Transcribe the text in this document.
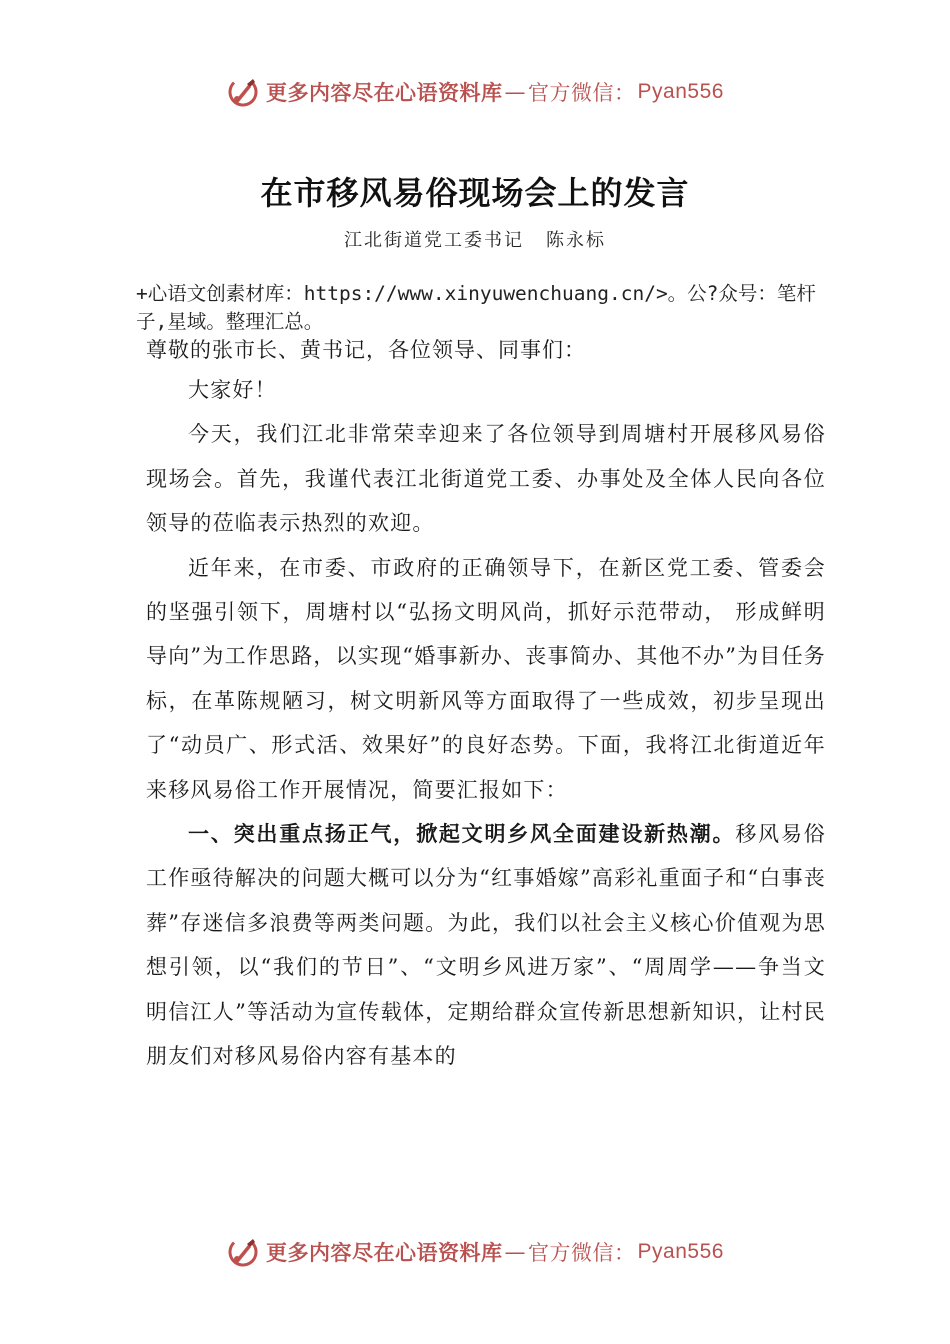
更多内容尽在心语资料库 — 官方微信： Pyan556
在市移风易俗现场会上的发言
江北街道党工委书记 陈永标
+心语文创素材库：https://www.xinyuwenchuang.cn/>。公?众号：笔杆子,星域。整理汇总。
尊敬的张市长、黄书记，各位领导、同事们：

大家好！

今天，我们江北非常荣幸迎来了各位领导到周塘村开展移风易俗现场会。首先，我谨代表江北街道党工委、办事处及全体人民向各位领导的莅临表示热烈的欢迎。

近年来，在市委、市政府的正确领导下，在新区党工委、管委会的坚强引领下，周塘村以“弘扬文明风尚，抓好示范带动， 形成鲜明导向”为工作思路，以实现“婚事新办、丧事简办、其他不办”为目任务标，在革陈规陋习，树文明新风等方面取得了一些成效，初步呈现出了“动员广、形式活、效果好”的良好态势。下面，我将江北街道近年来移风易俗工作开展情况，简要汇报如下：

一、突出重点扬正气，掀起文明乡风全面建设新热潮。移风易俗工作亟待解决的问题大概可以分为“红事婚嫁”高彩礼重面子和“白事丧葬”存迷信多浪费等两类问题。为此，我们以社会主义核心价值观为思想引领，以“我们的节日”、“文明乡风进万家”、“周周学——争当文明信江人”等活动为宣传载体，定期给群众宣传新思想新知识，让村民朋友们对移风易俗内容有基本的

更多内容尽在心语资料库 — 官方微信： Pyan556
